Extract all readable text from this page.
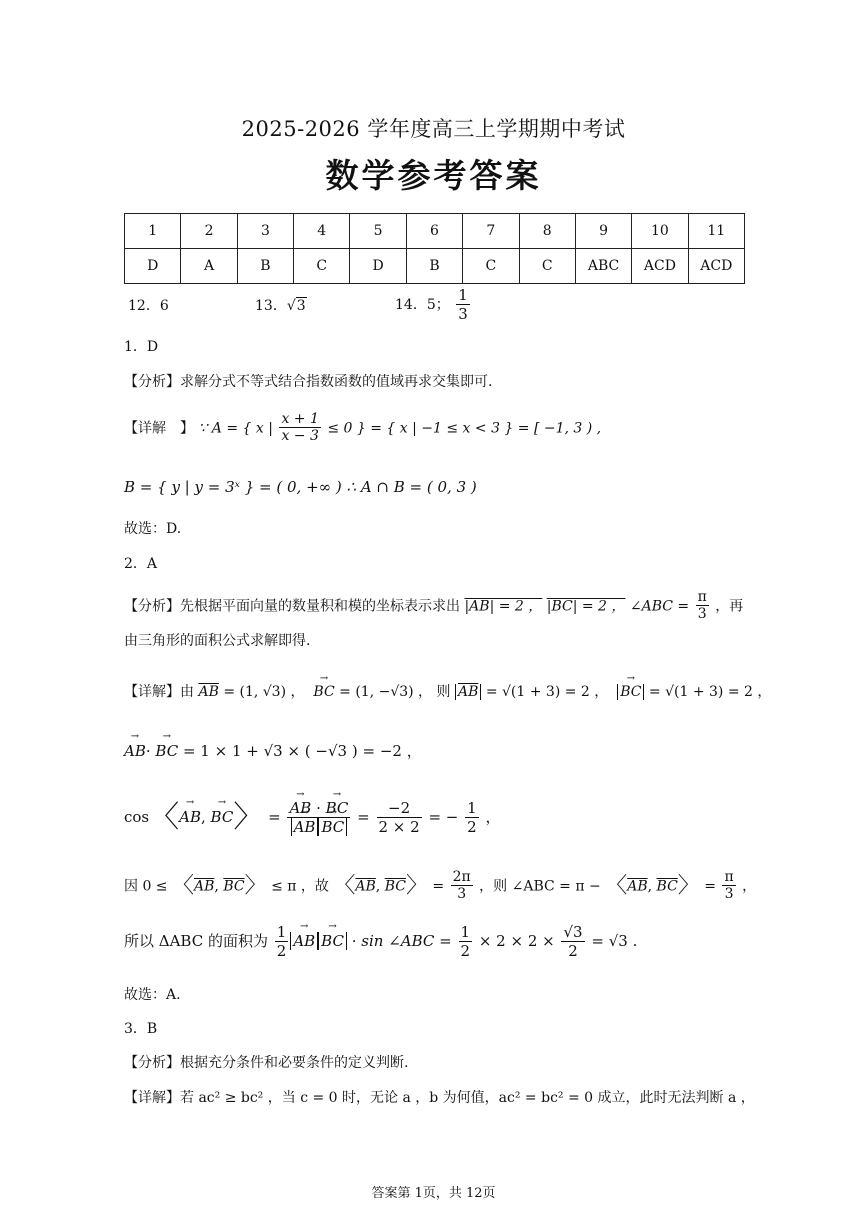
2025-2026 学年度高三上学期期中考试
数学参考答案
1	2	3	4	5	6	7	8	9	10	11
D	A	B	C	D	B	C	C	ABC	ACD	ACD
12．6	13．√3	14．5； $\frac{1}{3}$
1．D
【分析】求解分式不等式结合指数函数的值域再求交集即可.
【详解　】 ∵ A = { x | $\frac{x + 1}{x - 3} \le 0$ } = { x | −1 ≤ x < 3 } = [ −1, 3 ) ,
B = { y | y = 3ˣ } = ( 0, +∞ ) ∴ A ∩ B = ( 0, 3 )
故选：D.
2．A
【分析】先根据平面向量的数量积和模的坐标表示求出 |AB| = 2 ， |BC| = 2 ， ∠ABC = $\frac{\pi}{3}$ ，再
由三角形的面积公式求解即得.
【详解】由 $\overline{AB} = (1$, √3) ， → BC = (1, −√3) ， 则 $\overline{AB} = √(1 + 3) = 2$ ， → BC = √(1 + 3) = 2 ，
→ AB· → BC = 1 × 1 + √3 × ( −√3 ) = −2 ，
cos〈→ AB, → BC〉 = → AB · → BC
→ AB → BC = $\frac{-2}{2 \times 2}$ = − $\frac{1}{2}$ ，
因 0 ≤ 〈$\overline{AB}$, $\overline{BC}$〉 ≤ π ，故 〈$\overline{AB}$, $\overline{BC}$〉 = $\frac{2\pi}{3}$ ，则 ∠ABC = π − 〈$\overline{AB}$, $\overline{BC}$〉 = $\frac{\pi}{3}$ ，
所以 ΔABC 的面积为 $\frac{1}{2}$ → AB → BC · sin ∠ABC = $\frac{1}{2} \times 2 \times 2 \times \frac{√3}{2} = √3$ .
故选：A.
3．B
【分析】根据充分条件和必要条件的定义判断.
【详解】若 ac² ≥ bc² ，当 c = 0 时，无论 a ，b 为何值，ac² = bc² = 0 成立，此时无法判断 a ，
答案第 1页，共 12页
